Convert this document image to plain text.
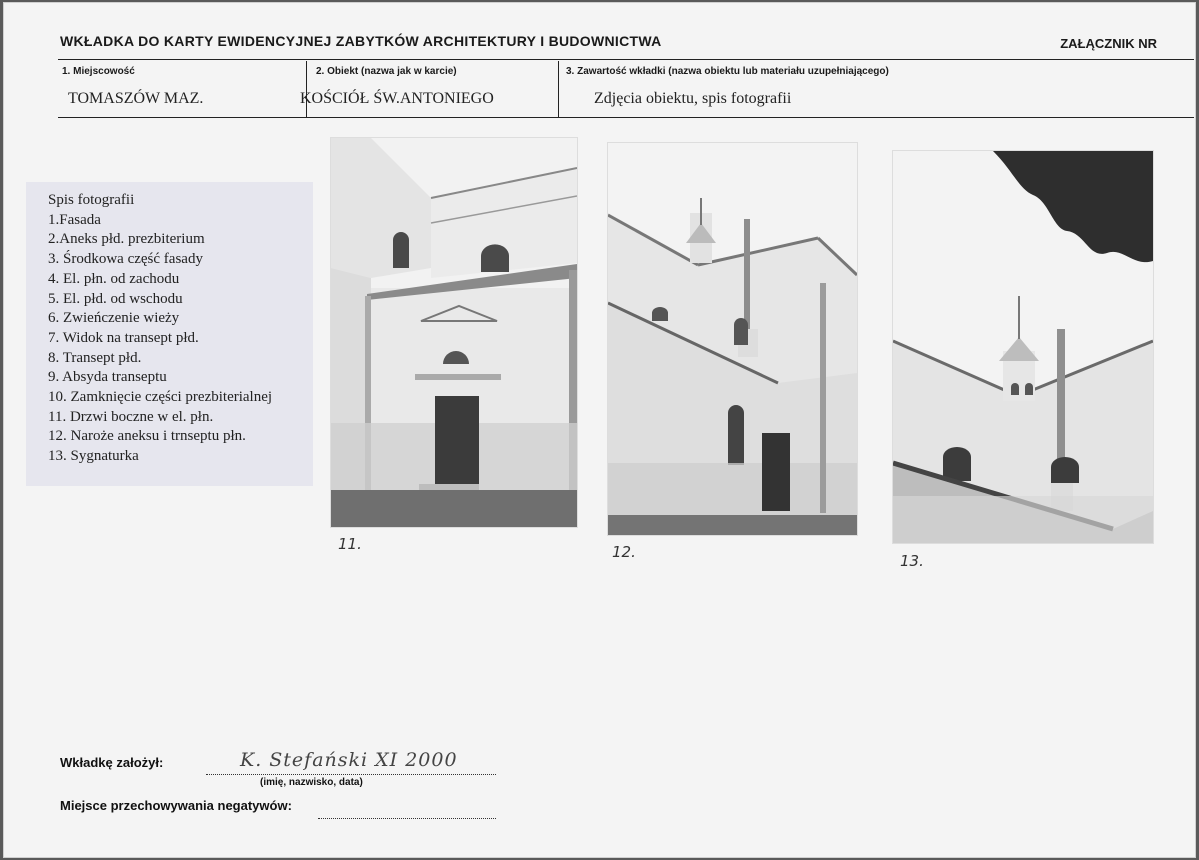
WKŁADKA DO KARTY EWIDENCYJNEJ ZABYTKÓW ARCHITEKTURY I BUDOWNICTWA	ZAŁĄCZNIK NR
1. Miejscowość
TOMASZÓW MAZ.
2. Obiekt (nazwa jak w karcie)
KOŚCIÓŁ ŚW.ANTONIEGO
3. Zawartość wkładki (nazwa obiektu lub materiału uzupełniającego)
Zdjęcia obiektu, spis fotografii
Spis fotografii
1.Fasada
2.Aneks płd. prezbiterium
3. Środkowa część fasady
4. El. płn. od zachodu
5. El. płd. od wschodu
6. Zwieńczenie wieży
7. Widok na transept płd.
8. Transept płd.
9. Absyda transeptu
10. Zamknięcie części prezbiterialnej
11. Drzwi boczne w el. płn.
12. Naroże aneksu i trnseptu płn.
13. Sygnaturka
11.	12.	13.
Wkładkę założył:	K. Stefański XI 2000
(imię, nazwisko, data)
Miejsce przechowywania negatywów:
